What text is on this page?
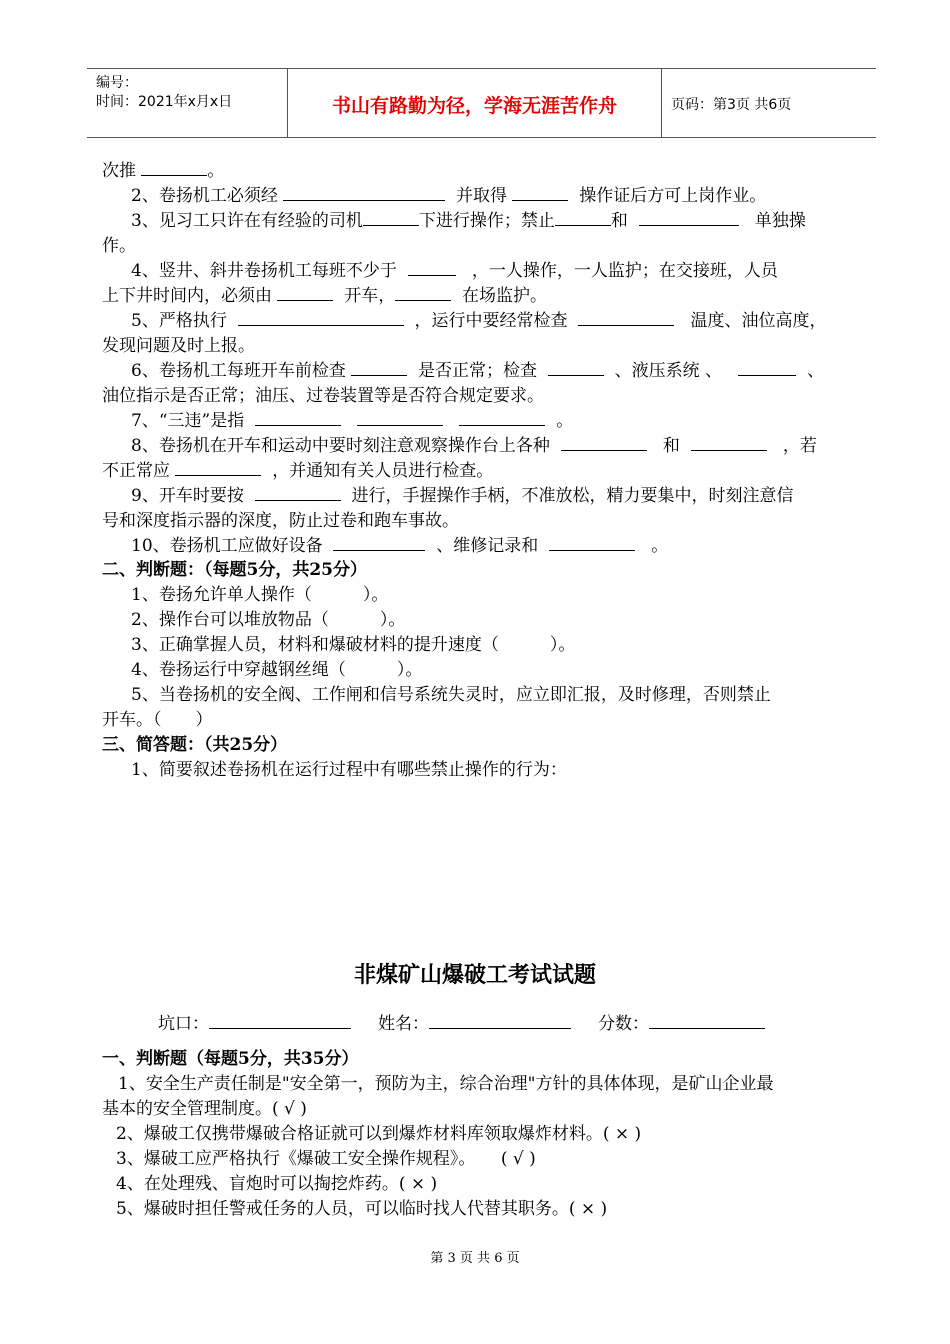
编号：
时间：2021年x月x日	书山有路勤为径，学海无涯苦作舟	页码：第3页 共6页
次推	。
2、卷扬机工必须经	并取得	操作证后方可上岗作业。
3、见习工只许在有经验的司机	下进行操作；禁止	和	单独操
作。
4、竖井、斜井卷扬机工每班不少于	，一人操作，一人监护；在交接班，人员
上下井时间内，必须由	开车，	在场监护。
5、严格执行	，运行中要经常检查	温度、油位高度，
发现问题及时上报。
6、卷扬机工每班开车前检查	是否正常；检查	、液压系统 、	、
油位指示是否正常；油压、过卷装置等是否符合规定要求。
7、“三违”是指	。
8、卷扬机在开车和运动中要时刻注意观察操作台上各种	和	，若
不正常应	，并通知有关人员进行检查。
9、开车时要按	进行，手握操作手柄，不准放松，精力要集中，时刻注意信
号和深度指示器的深度，防止过卷和跑车事故。
10、卷扬机工应做好设备	、维修记录和	。
二、判断题：（每题5分，共25分）
1、卷扬允许单人操作（　　　）。
2、操作台可以堆放物品（　　　）。
3、正确掌握人员，材料和爆破材料的提升速度（　　　）。
4、卷扬运行中穿越钢丝绳（　　　）。
5、当卷扬机的安全阀、工作闸和信号系统失灵时，应立即汇报，及时修理，否则禁止
开车。（　　）
三、简答题：（共25分）
1、简要叙述卷扬机在运行过程中有哪些禁止操作的行为：
非煤矿山爆破工考试试题
坑口：	姓名：	分数：
一、判断题（每题5分，共35分）
1、安全生产责任制是"安全第一，预防为主，综合治理"方针的具体体现，是矿山企业最
基本的安全管理制度。( √ )
2、爆破工仅携带爆破合格证就可以到爆炸材料库领取爆炸材料。( × )
3、爆破工应严格执行《爆破工安全操作规程》。　　( √ )
4、在处理残、盲炮时可以掏挖炸药。( × )
5、爆破时担任警戒任务的人员，可以临时找人代替其职务。( × )
第 3 页 共 6 页
